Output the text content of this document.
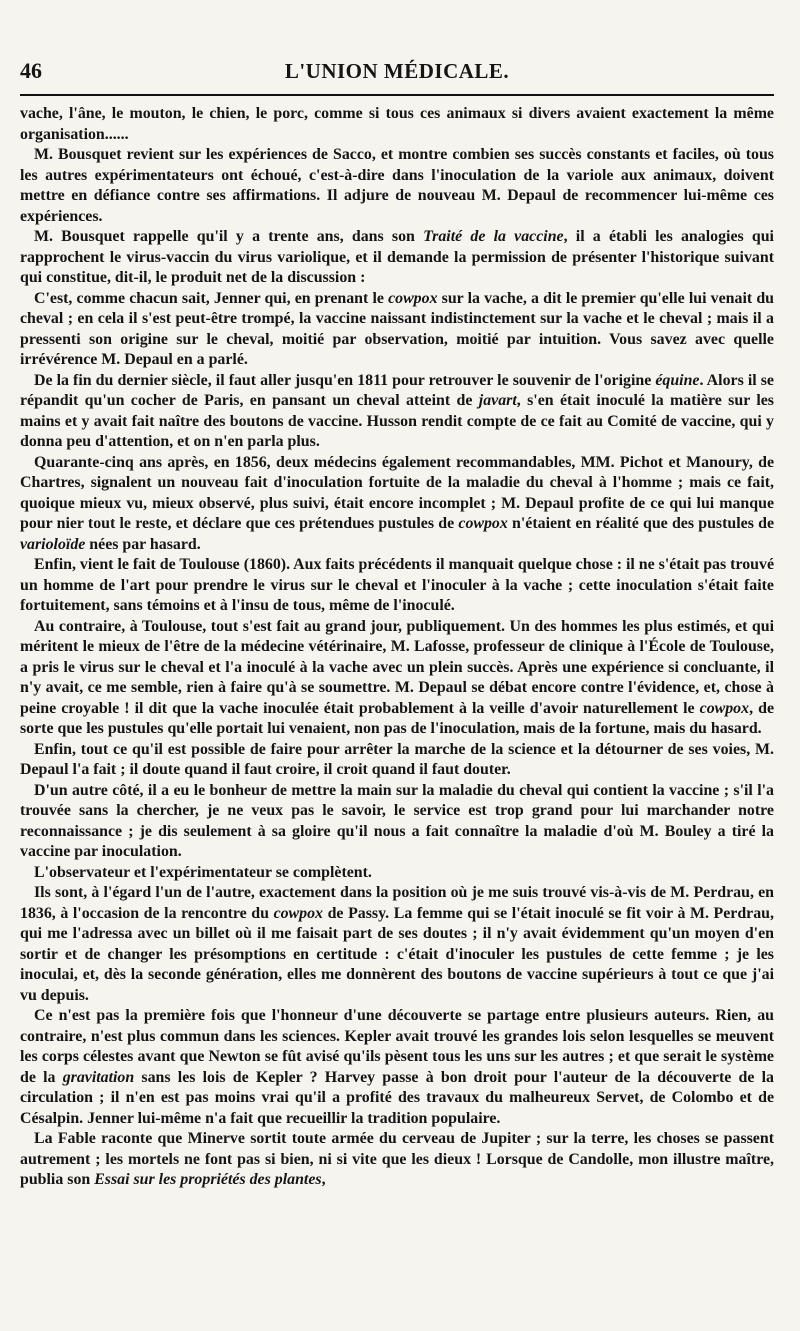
46	L'UNION MÉDICALE.

vache, l'âne, le mouton, le chien, le porc, comme si tous ces animaux si divers avaient exactement la même organisation......

M. Bousquet revient sur les expériences de Sacco, et montre combien ses succès constants et faciles, où tous les autres expérimentateurs ont échoué, c'est-à-dire dans l'inoculation de la variole aux animaux, doivent mettre en défiance contre ses affirmations. Il adjure de nouveau M. Depaul de recommencer lui-même ces expériences.

M. Bousquet rappelle qu'il y a trente ans, dans son Traité de la vaccine, il a établi les analogies qui rapprochent le virus-vaccin du virus variolique, et il demande la permission de présenter l'historique suivant qui constitue, dit-il, le produit net de la discussion :

C'est, comme chacun sait, Jenner qui, en prenant le cowpox sur la vache, a dit le premier qu'elle lui venait du cheval ; en cela il s'est peut-être trompé, la vaccine naissant indistinctement sur la vache et le cheval ; mais il a pressenti son origine sur le cheval, moitié par observation, moitié par intuition. Vous savez avec quelle irrévérence M. Depaul en a parlé.

De la fin du dernier siècle, il faut aller jusqu'en 1811 pour retrouver le souvenir de l'origine équine. Alors il se répandit qu'un cocher de Paris, en pansant un cheval atteint de javart, s'en était inoculé la matière sur les mains et y avait fait naître des boutons de vaccine. Husson rendit compte de ce fait au Comité de vaccine, qui y donna peu d'attention, et on n'en parla plus.

Quarante-cinq ans après, en 1856, deux médecins également recommandables, MM. Pichot et Manoury, de Chartres, signalent un nouveau fait d'inoculation fortuite de la maladie du cheval à l'homme ; mais ce fait, quoique mieux vu, mieux observé, plus suivi, était encore incomplet ; M. Depaul profite de ce qui lui manque pour nier tout le reste, et déclare que ces prétendues pustules de cowpox n'étaient en réalité que des pustules de varioloïde nées par hasard.

Enfin, vient le fait de Toulouse (1860). Aux faits précédents il manquait quelque chose : il ne s'était pas trouvé un homme de l'art pour prendre le virus sur le cheval et l'inoculer à la vache ; cette inoculation s'était faite fortuitement, sans témoins et à l'insu de tous, même de l'inoculé.

Au contraire, à Toulouse, tout s'est fait au grand jour, publiquement. Un des hommes les plus estimés, et qui méritent le mieux de l'être de la médecine vétérinaire, M. Lafosse, professeur de clinique à l'École de Toulouse, a pris le virus sur le cheval et l'a inoculé à la vache avec un plein succès. Après une expérience si concluante, il n'y avait, ce me semble, rien à faire qu'à se soumettre. M. Depaul se débat encore contre l'évidence, et, chose à peine croyable ! il dit que la vache inoculée était probablement à la veille d'avoir naturellement le cowpox, de sorte que les pustules qu'elle portait lui venaient, non pas de l'inoculation, mais de la fortune, mais du hasard.

Enfin, tout ce qu'il est possible de faire pour arrêter la marche de la science et la détourner de ses voies, M. Depaul l'a fait ; il doute quand il faut croire, il croit quand il faut douter.

D'un autre côté, il a eu le bonheur de mettre la main sur la maladie du cheval qui contient la vaccine ; s'il l'a trouvée sans la chercher, je ne veux pas le savoir, le service est trop grand pour lui marchander notre reconnaissance ; je dis seulement à sa gloire qu'il nous a fait connaître la maladie d'où M. Bouley a tiré la vaccine par inoculation.

L'observateur et l'expérimentateur se complètent.

Ils sont, à l'égard l'un de l'autre, exactement dans la position où je me suis trouvé vis-à-vis de M. Perdrau, en 1836, à l'occasion de la rencontre du cowpox de Passy. La femme qui se l'était inoculé se fit voir à M. Perdrau, qui me l'adressa avec un billet où il me faisait part de ses doutes ; il n'y avait évidemment qu'un moyen d'en sortir et de changer les présomptions en certitude : c'était d'inoculer les pustules de cette femme ; je les inoculai, et, dès la seconde génération, elles me donnèrent des boutons de vaccine supérieurs à tout ce que j'ai vu depuis.

Ce n'est pas la première fois que l'honneur d'une découverte se partage entre plusieurs auteurs. Rien, au contraire, n'est plus commun dans les sciences. Kepler avait trouvé les grandes lois selon lesquelles se meuvent les corps célestes avant que Newton se fût avisé qu'ils pèsent tous les uns sur les autres ; et que serait le système de la gravitation sans les lois de Kepler ? Harvey passe à bon droit pour l'auteur de la découverte de la circulation ; il n'en est pas moins vrai qu'il a profité des travaux du malheureux Servet, de Colombo et de Césalpin. Jenner lui-même n'a fait que recueillir la tradition populaire.

La Fable raconte que Minerve sortit toute armée du cerveau de Jupiter ; sur la terre, les choses se passent autrement ; les mortels ne font pas si bien, ni si vite que les dieux ! Lorsque de Candolle, mon illustre maître, publia son Essai sur les propriétés des plantes,
